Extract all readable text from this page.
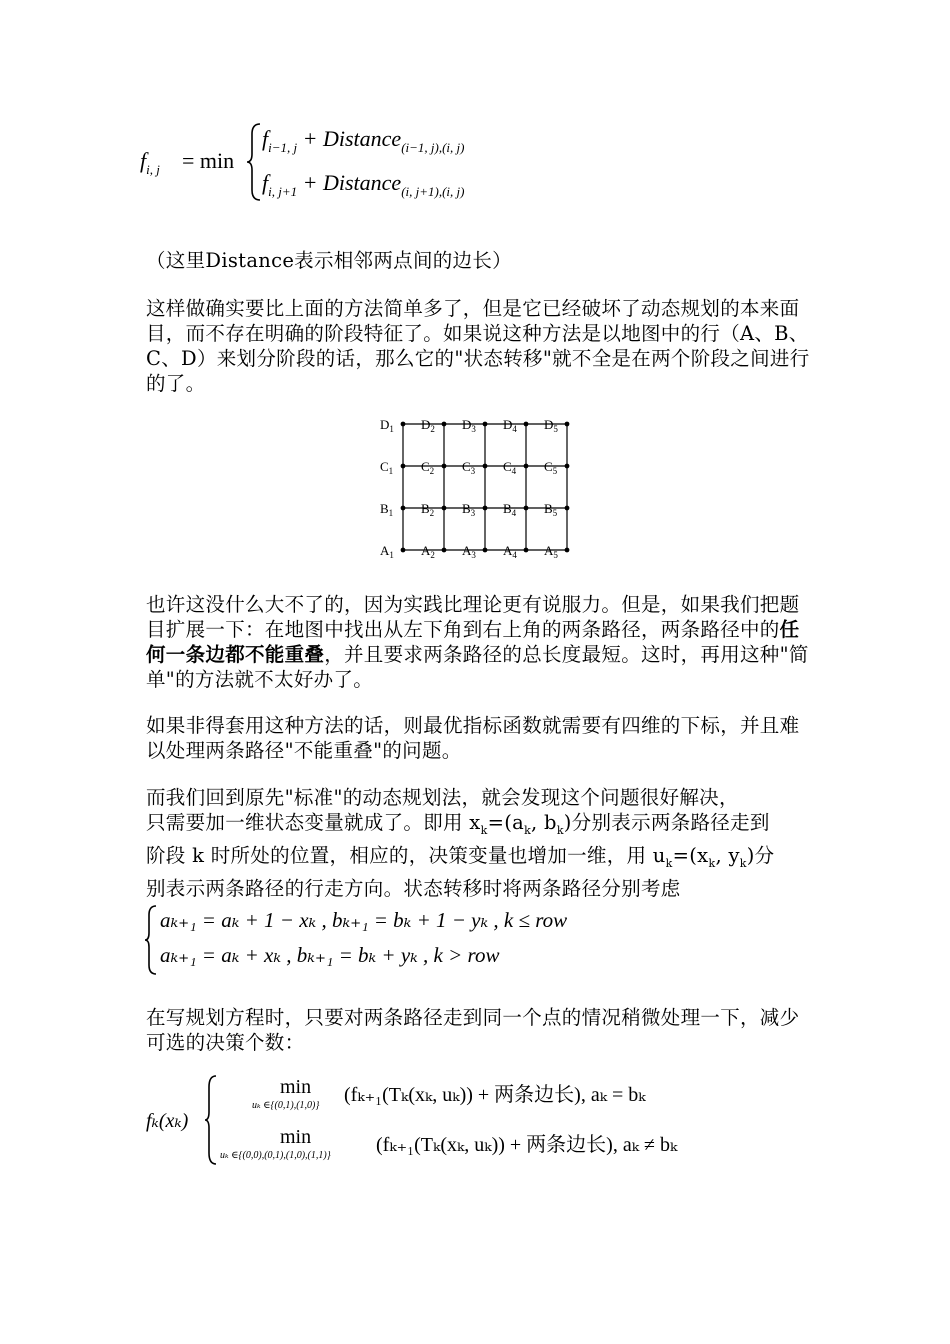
$f_{i, j} = \min$
$f_{i-1, j}$ + Distance$_{(i-1, j),(i, j)}$
$f_{i, j+1}$ + Distance$_{(i, j+1),(i, j)}$
（这里Distance表示相邻两点间的边长）
这样做确实要比上面的方法简单多了，但是它已经破坏了动态规划的本来面目，而不存在明确的阶段特征了。如果说这种方法是以地图中的行（A、B、C、D）来划分阶段的话，那么它的"状态转移"就不全是在两个阶段之间进行的了。
$D_1$ $D_2$ $D_3$ $D_4$ $D_5$
$C_1$ $C_2$ $C_3$ $C_4$ $C_5$
$B_1$ $B_2$ $B_3$ $B_4$ $B_5$
$A_1$ $A_2$ $A_3$ $A_4$ $A_5$
也许这没什么大不了的，因为实践比理论更有说服力。但是，如果我们把题目扩展一下：在地图中找出从左下角到右上角的两条路径，两条路径中的任何一条边都不能重叠，并且要求两条路径的总长度最短。这时，再用这种"简单"的方法就不太好办了。
如果非得套用这种方法的话，则最优指标函数就需要有四维的下标，并且难以处理两条路径"不能重叠"的问题。
而我们回到原先"标准"的动态规划法，就会发现这个问题很好解决，
只需要加一维状态变量就成了。即用 $x_k=(a_k$, $b_k$)分别表示两条路径走到
阶段 k 时所处的位置，相应的，决策变量也增加一维，用 $u_k=(x_k$, $y_k$)分
别表示两条路径的行走方向。状态转移时将两条路径分别考虑
aₖ₊₁ = aₖ + 1 − xₖ , bₖ₊₁ = bₖ + 1 − yₖ , k ≤ row
aₖ₊₁ = aₖ + xₖ , bₖ₊₁ = bₖ + yₖ , k > row
在写规划方程时，只要对两条路径走到同一个点的情况稍微处理一下，减少可选的决策个数：
fₖ(xₖ)
min
uₖ ∈{(0,1),(1,0)} (fₖ₊₁(Tₖ(xₖ, uₖ)) + 两条边长), aₖ = bₖ
min
uₖ ∈{(0,0),(0,1),(1,0),(1,1)} (fₖ₊₁(Tₖ(xₖ, uₖ)) + 两条边长), aₖ ≠ bₖ
